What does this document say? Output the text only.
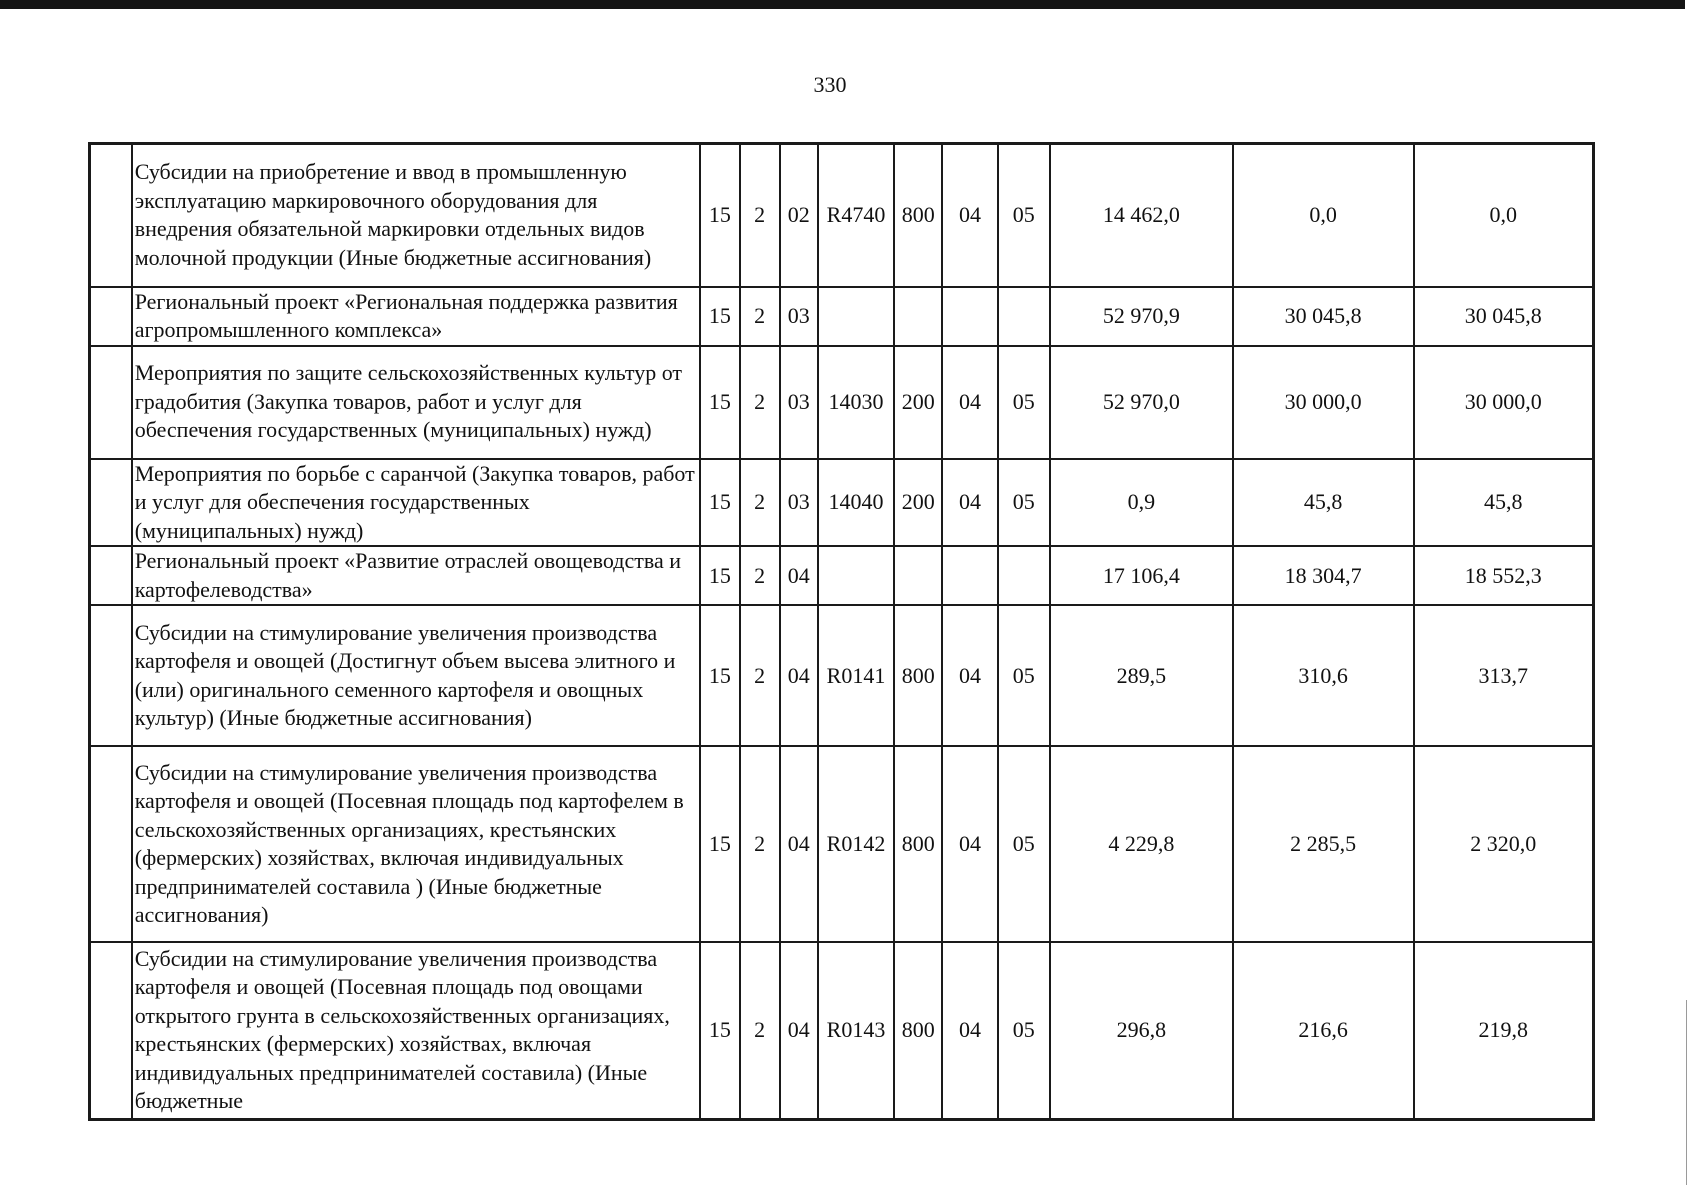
330
	Субсидии на приобретение и ввод в промышленную эксплуатацию маркировочного оборудования для внедрения обязательной маркировки отдельных видов молочной продукции (Иные бюджетные ассигнования)	15	2	02	R4740	800	04	05	14 462,0	0,0	0,0
	Региональный проект «Региональная поддержка развития агропромышленного комплекса»	15	2	03					52 970,9	30 045,8	30 045,8
	Мероприятия по защите сельскохозяйственных культур от градобития (Закупка товаров, работ и услуг для обеспечения государственных (муниципальных) нужд)	15	2	03	14030	200	04	05	52 970,0	30 000,0	30 000,0
	Мероприятия по борьбе с саранчой (Закупка товаров, работ и услуг для обеспечения государственных (муниципальных) нужд)	15	2	03	14040	200	04	05	0,9	45,8	45,8
	Региональный проект «Развитие отраслей овощеводства и картофелеводства»	15	2	04					17 106,4	18 304,7	18 552,3
	Субсидии на стимулирование увеличения производства картофеля и овощей (Достигнут объем высева элитного и (или) оригинального семенного картофеля и овощных культур) (Иные бюджетные ассигнования)	15	2	04	R0141	800	04	05	289,5	310,6	313,7
	Субсидии на стимулирование увеличения производства картофеля и овощей (Посевная площадь под картофелем в сельскохозяйственных организациях, крестьянских (фермерских) хозяйствах, включая индивидуальных предпринимателей составила ) (Иные бюджетные ассигнования)	15	2	04	R0142	800	04	05	4 229,8	2 285,5	2 320,0
	Субсидии на стимулирование увеличения производства картофеля и овощей (Посевная площадь под овощами открытого грунта в сельскохозяйственных организациях, крестьянских (фермерских) хозяйствах, включая индивидуальных предпринимателей составила) (Иные бюджетные	15	2	04	R0143	800	04	05	296,8	216,6	219,8
